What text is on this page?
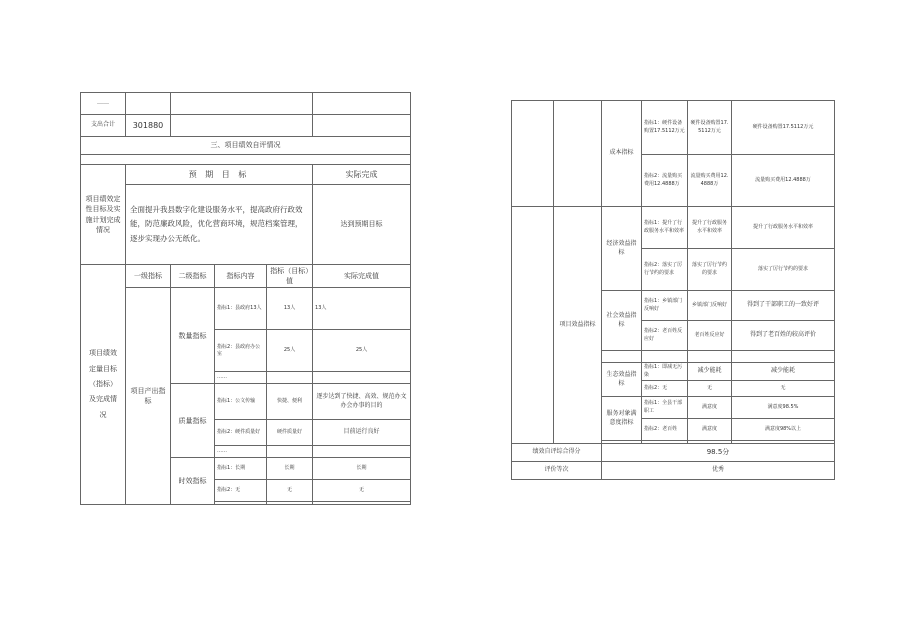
……					
支出合计	301880				
三、项目绩效自评情况					

项目绩效定性目标及实施计划完成情况	预 期 目 标				实际完成
	全面提升我县数字化建设服务水平，提高政府行政效能，防范廉政风险，优化营商环境，规范档案管理，逐步实现办公无纸化。				达到预期目标
项目绩效定量目标（指标）及完成情况	一级指标	二级指标	指标内容	指标（目标）值	实际完成值
	项目产出指标	数量指标	指标1：县政府13人	13人	13人
			指标2：县政府办公室	25人	25人
			……		
		质量指标	指标1：公文传输	快捷、便利	逐步达到了快捷、高效、规范办文办会办事的目的
			指标2：硬件质量好	硬件质量好	目前运行良好
			……		
		时效指标	指标1：长期	长期	长期
			指标2：无	无	无

		成本指标	指标1：硬件设备购置17.5112万元	硬件设备购置17.5112万元	硬件设备购置17.5112万元
			指标2：流量购买费用12.4888万	流量购买费用12.4888万	流量购买费用12.4888万
	项目效益指标	经济效益指标	指标1：提升了行政服务水平和效率	提升了行政服务水平和效率	提升了行政服务水平和效率
			指标2：落实了厉行节约的要求	落实了厉行节约的要求	落实了厉行节约的要求
		社会效益指标	指标1：乡镇部门反响好	乡镇部门反响好	得到了干部职工的一致好评
			指标2：老百姓反应好	老百姓反应好	得到了老百姓的较高评价

		生态效益指标	指标1：即减无污染	减少能耗	减少能耗
			指标2：无	无	无
		服务对象满意度指标	指标1：全县干部职工	满意度	满意度98.5%
			指标2：老百姓	满意度	满意度98%以上

绩效自评综合得分		98.5分			
评价等次		优秀			
